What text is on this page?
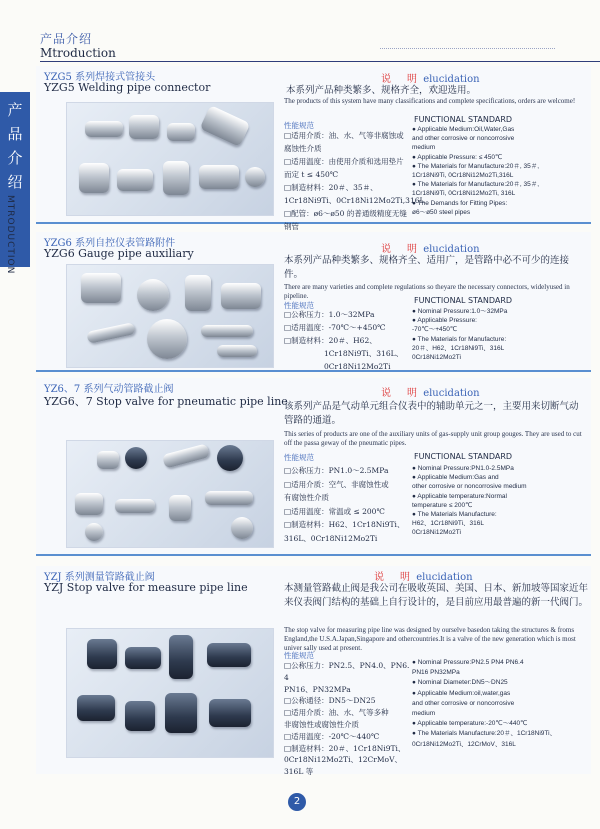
产品介绍
Mtroduction
产
品
介
绍
MTRODUCTION
YZG5 系列焊接式管接头
YZG5 Welding pipe connector
说　明 elucidation
本系列产品种类繁多、规格齐全，欢迎选用。
The products of this system have many classifications and complete specifications, orders are welcome!
性能规范
□适用介质：油、水、气等非腐蚀或
腐蚀性介质
□适用温度：由使用介质和选用垫片
而定 t ≤ 450℃
□制造材料：20＃、35＃、
1Cr18Ni9Ti、0Cr18Ni12Mo2Ti,316L
□配管：ø6～ø50 的普通级精度无缝
钢管
FUNCTIONAL STANDARD
● Applicable Medium:Oil,Water,Gas
and other corrosive or noncorrosive
medium
● Applicable Pressure: ≤ 450℃
● The Materials for Manufacture:20＃, 35＃,
1Cr18Ni9Ti, 0Cr18Ni12Mo2Ti,316L
● The Materials for Manufacture:20＃, 35＃,
1Cr18Ni9Ti, 0Cr18Ni12Mo2Ti, 316L
● The Demands for Fitting Pipes:
ø6～ø50 steel pipes
YZG6 系列自控仪表管路附件
YZG6 Gauge pipe auxiliary	说　明 elucidation
本系列产品种类繁多、规格齐全、适用广，是管路中必不可少的连接件。
There are many varieties and complete regulations so theyare the necessary connectors, widelyused in pipeline.
性能规范
□公称压力：1.0～32MPa
□适用温度：-70℃～+450℃
□制造材料：20＃、H62、
1Cr18Ni9Ti、316L、
0Cr18Ni12Mo2Ti
FUNCTIONAL STANDARD
● Nominal Pressure:1.0～32MPa
● Applicable Pressure:
-70℃～+450℃
● The Materials for Manufacture:
20＃、H62、1Cr18Ni9Ti、316L
0Cr18Ni12Mo2Ti
YZ6、7 系列气动管路截止阀
YZG6、7 Stop valve for pneumatic pipe line
说　明 elucidation
该系列产品是气动单元组合仪表中的辅助单元之一，主要用来切断气动管路的通道。
This series of products are one of the auxiliary units of gas-supply unit group gouges. They are used to cut off the passa geway of the pneumatic pipes.
性能规范
□公称压力：PN1.0～2.5MPa
□适用介质：空气、非腐蚀性或
有腐蚀性介质
□适用温度：常温或 ≤ 200℃
□制造材料：H62、1Cr18Ni9Ti、
316L、0Cr18Ni12Mo2Ti
FUNCTIONAL STANDARD
● Nominal Pressure:PN1.0-2.5MPa
● Applicable Medium:Gas and
other corrosive or noncorrosive medium
● Applicable temperature:Normal
temperature ≤ 200℃
● The Materials Manufacture:
H62、1Cr18Ni9Ti、316L
0Cr18Ni12Mo2Ti
YZJ 系列测量管路截止阀
YZJ Stop valve for measure pipe line
说　明 elucidation
本测量管路截止阀是我公司在吸收英国、美国、日本、新加坡等国家近年来仪表阀门结构的基础上自行设计的，是目前应用最普遍的新一代阀门。
The stop valve for measuring pipe line was designed by ourselve basedon taking the structures & froms England,the U.S.A.Japan,Singapore and othercountries.It is a valve of the new generation which is most univer sally used at present.
性能规范
□公称压力：PN2.5、PN4.0、PN6.
4
PN16、PN32MPa
□公称通径：DN5～DN25
□适用介质：油、水、气等多种
非腐蚀性或腐蚀性介质
□适用温度：-20℃～440℃
□制造材料：20＃、1Cr18Ni9Ti、
0Cr18Ni12Mo2Ti、12CrMoV、
316L 等
● Nominal Pressure:PN2.5 PN4 PN6.4
PN16 PN32MPa
● Nominal Diameter:DN5～DN25
● Applicable Medium:oil,water,gas
and other corrosive or noncorrosive
medium
● Applicable temperature:-20℃～440℃
● The Materials Manufacture:20＃、1Cr18Ni9Ti、
0Cr18Ni12Mo2Ti、12CrMoV、316L
2
